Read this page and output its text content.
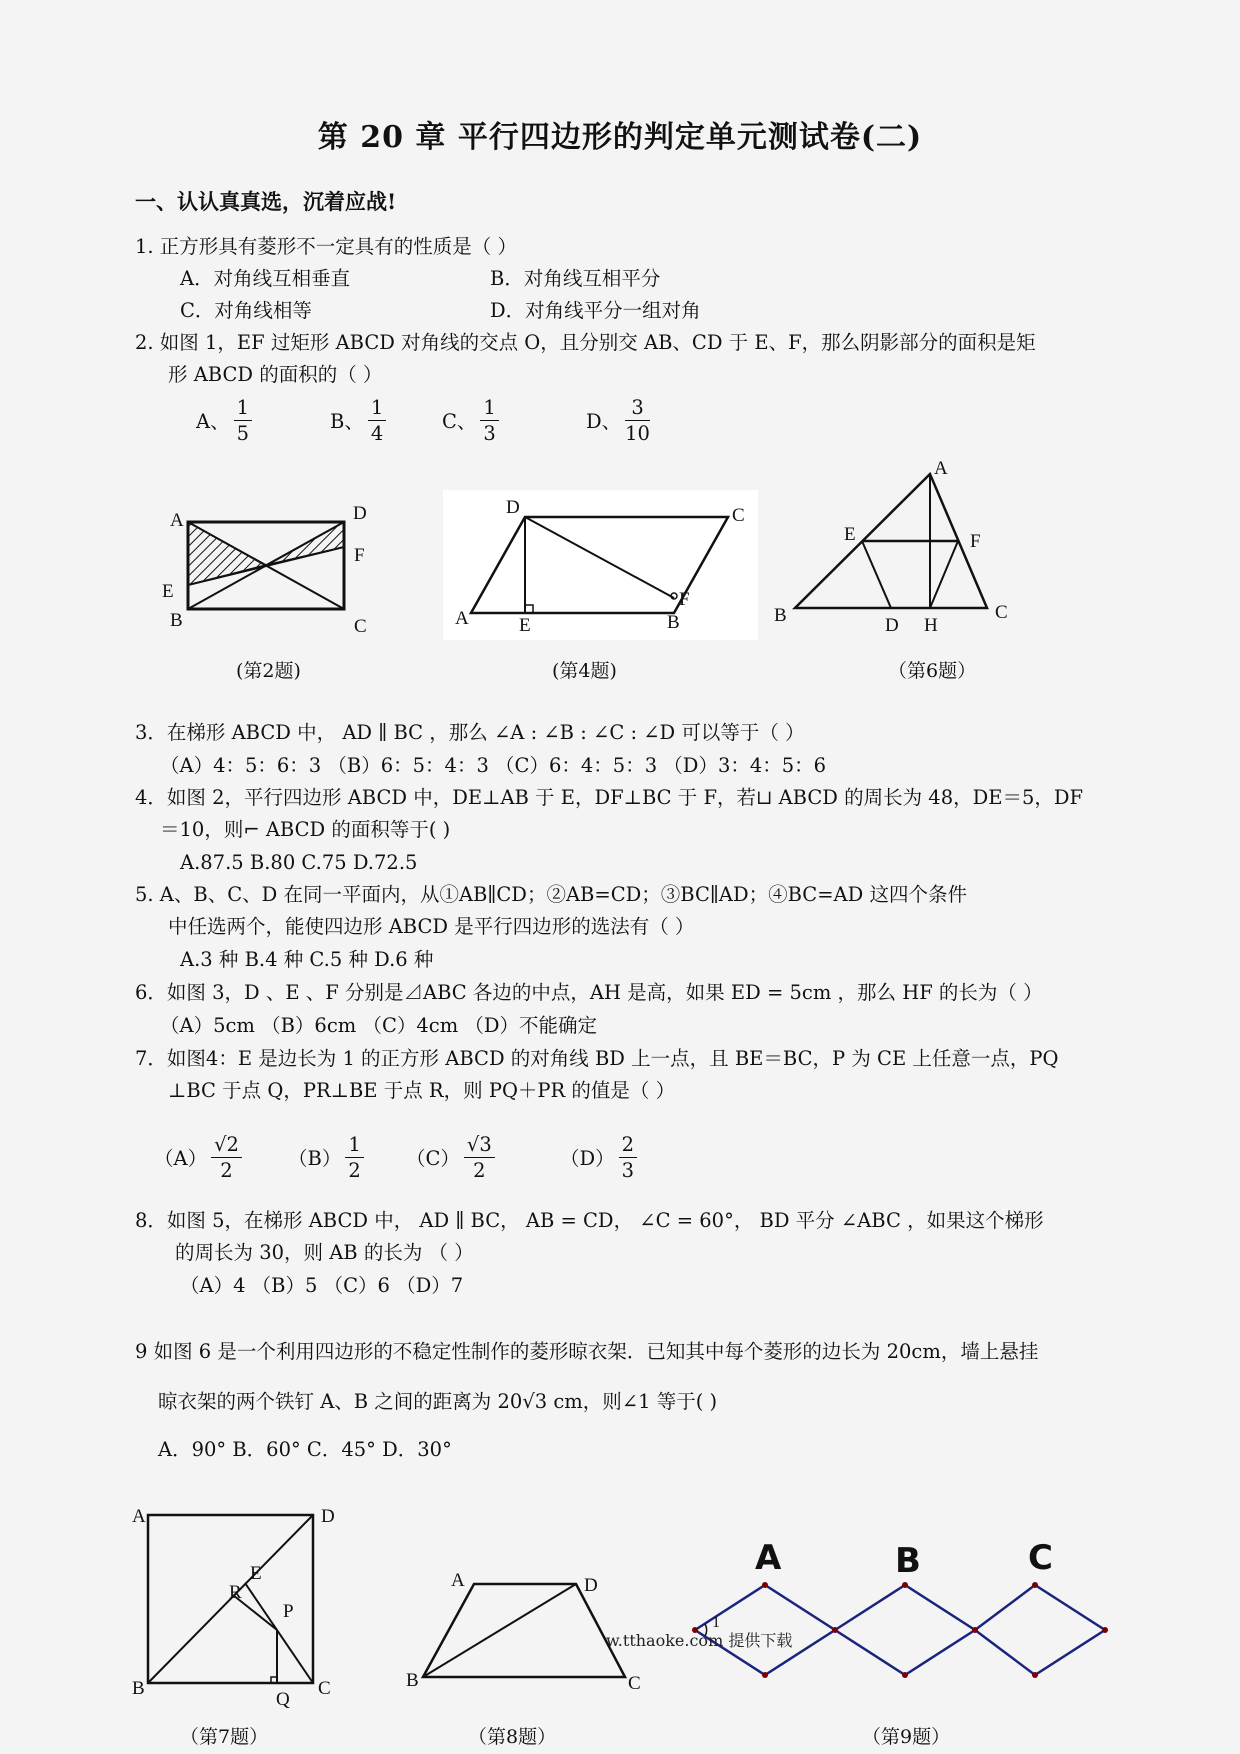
第 20 章 平行四边形的判定单元测试卷(二)
一、认认真真选，沉着应战!
1. 正方形具有菱形不一定具有的性质是（ ）
A．对角线互相垂直	B．对角线互相平分
C．对角线相等	D．对角线平分一组对角
2. 如图 1，EF 过矩形 ABCD 对角线的交点 O，且分别交 AB、CD 于 E、F，那么阴影部分的面积是矩
形 ABCD 的面积的（ ）
A、 $\frac{1}{5}$	B、 $\frac{1}{4}$	C、 $\frac{1}{3}$	D、 $\frac{3}{10}$
A
B	C
D
E
F
(第2题)
A	B
C
D
E
F
(第4题)
A
B	C
D
E	F
H
（第6题）
3．在梯形 ABCD 中， AD ∥ BC ，那么 ∠A : ∠B : ∠C : ∠D 可以等于（ ）
（A）4：5：6：3 （B）6：5：4：3 （C）6：4：5：3 （D）3：4：5：6
4．如图 2，平行四边形 ABCD 中，DE⊥AB 于 E，DF⊥BC 于 F，若⊔ ABCD 的周长为 48，DE＝5，DF
＝10，则⌐ ABCD 的面积等于( )
A.87.5 B.80 C.75 D.72.5
5. A、B、C、D 在同一平面内，从①AB∥CD；②AB=CD；③BC∥AD；④BC=AD 这四个条件
中任选两个，能使四边形 ABCD 是平行四边形的选法有（ ）
A.3 种 B.4 种 C.5 种 D.6 种
6．如图 3，D 、E 、F 分别是⊿ABC 各边的中点，AH 是高，如果 ED = 5cm ，那么 HF 的长为（ ）
（A）5cm （B）6cm （C）4cm （D）不能确定
7．如图4：E 是边长为 1 的正方形 ABCD 的对角线 BD 上一点，且 BE＝BC，P 为 CE 上任意一点，PQ
⊥BC 于点 Q，PR⊥BE 于点 R，则 PQ＋PR 的值是（ ）
$(A) \frac{√2}{2} (B) \frac{1}{2} (C) \frac{√3}{2}$	$(D) \frac{2}{3}$
8．如图 5，在梯形 ABCD 中， AD ∥ BC， AB = CD， ∠C = 60°， BD 平分 ∠ABC ，如果这个梯形
的周长为 30，则 AB 的长为 （ ）
（A）4 （B）5 （C）6 （D）7
9 如图 6 是一个利用四边形的不稳定性制作的菱形晾衣架．已知其中每个菱形的边长为 20cm，墙上悬挂
晾衣架的两个铁钉 A、B 之间的距离为 20√3 cm，则∠1 等于( )
A．90° B．60° C．45° D．30°
A
B	C
D
E
P
Q
R
（第7题）
A
B	C
D
（第8题）
1
A	B	C
w.tthaoke.com 提供下载
（第9题）
